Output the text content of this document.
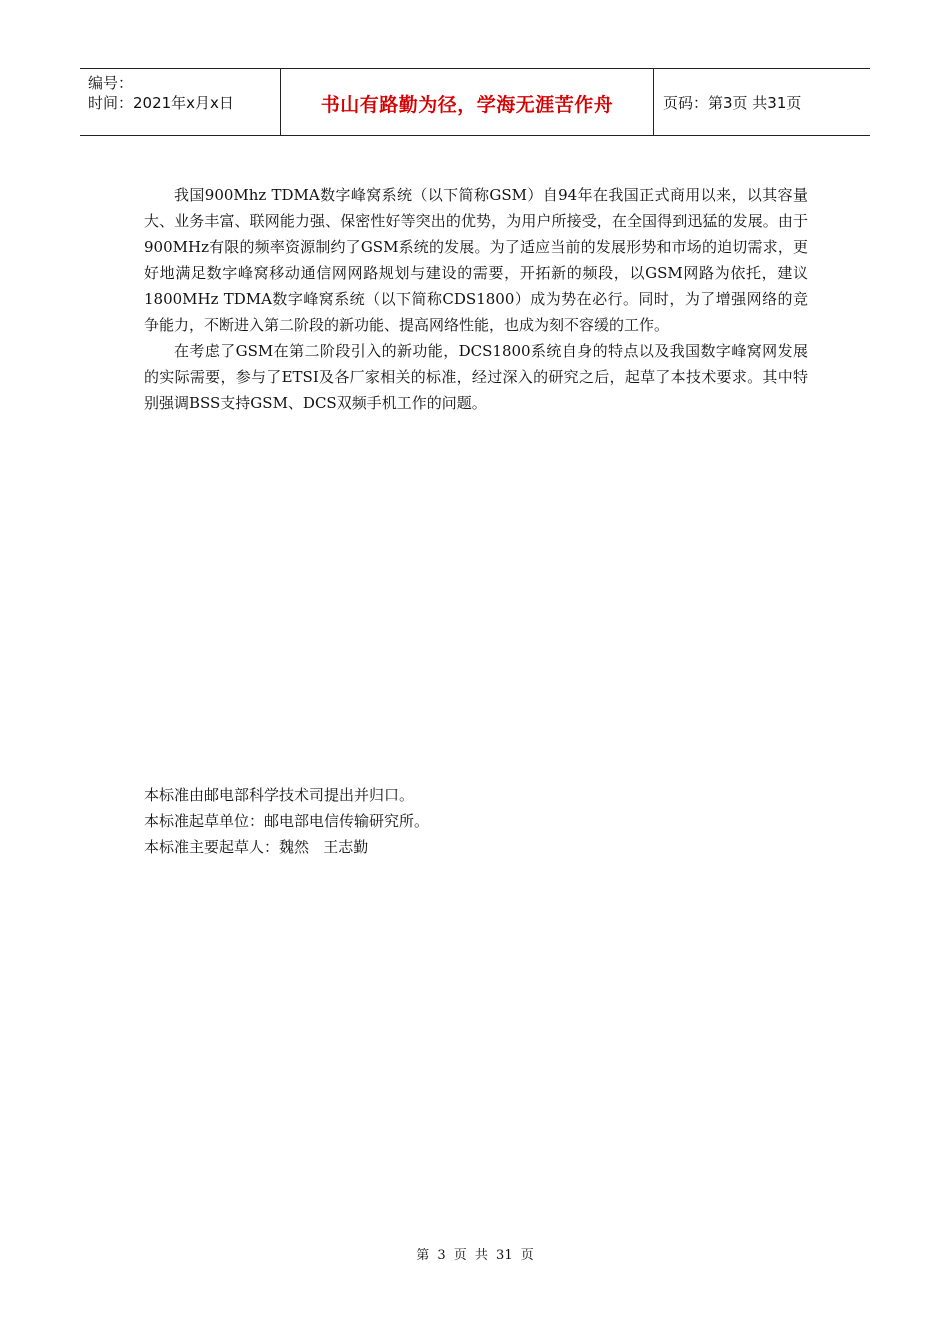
编号：
时间：2021年x月x日	书山有路勤为径，学海无涯苦作舟	页码：第3页 共31页

我国900Mhz TDMA数字峰窝系统（以下简称GSM）自94年在我国正式商用以来，以其容量大、业务丰富、联网能力强、保密性好等突出的优势，为用户所接受，在全国得到迅猛的发展。由于900MHz有限的频率资源制约了GSM系统的发展。为了适应当前的发展形势和市场的迫切需求，更好地满足数字峰窝移动通信网网路规划与建设的需要，开拓新的频段，以GSM网路为依托，建议1800MHz TDMA数字峰窝系统（以下简称CDS1800）成为势在必行。同时，为了增强网络的竞争能力，不断进入第二阶段的新功能、提高网络性能，也成为刻不容缓的工作。

在考虑了GSM在第二阶段引入的新功能，DCS1800系统自身的特点以及我国数字峰窝网发展的实际需要，参与了ETSI及各厂家相关的标准，经过深入的研究之后，起草了本技术要求。其中特别强调BSS支持GSM、DCS双频手机工作的问题。

本标准由邮电部科学技术司提出并归口。
本标准起草单位：邮电部电信传输研究所。
本标准主要起草人：魏然   王志勤
第 3 页 共 31 页
